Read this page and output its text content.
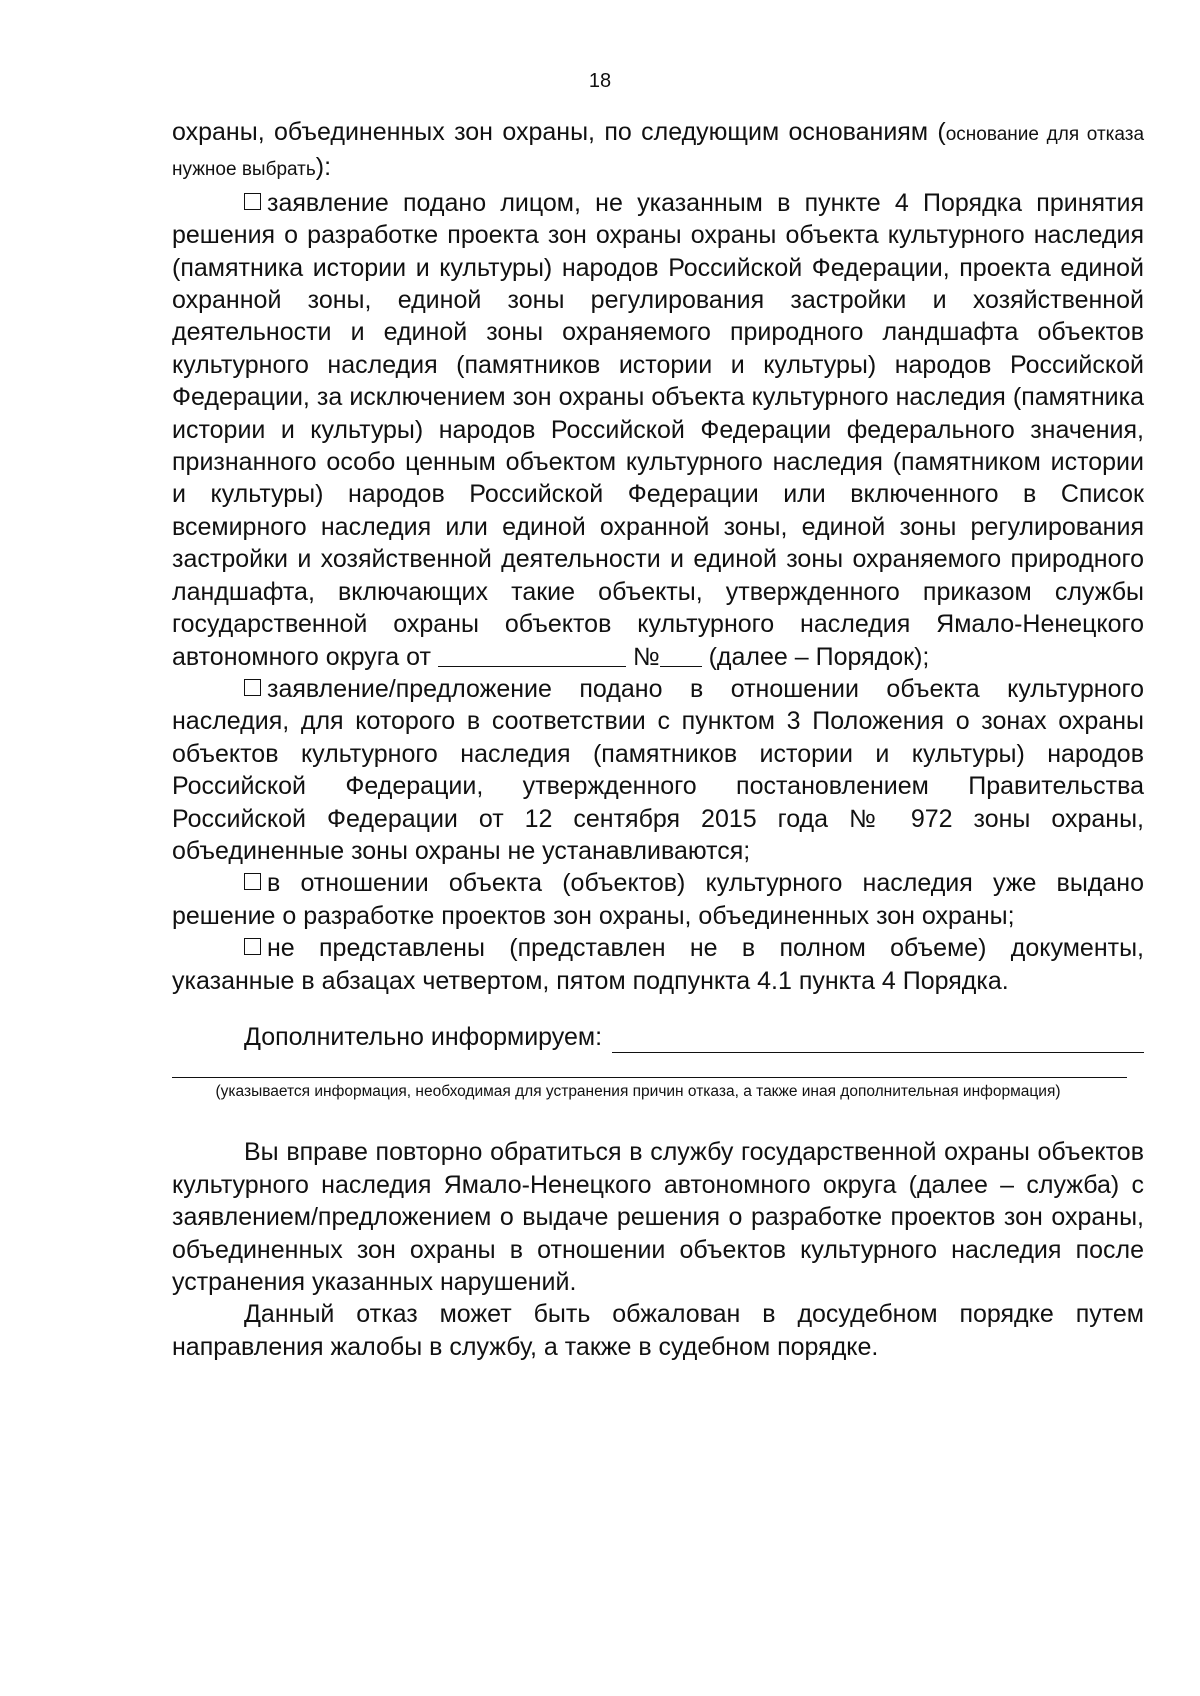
18

охраны, объединенных зон охраны, по следующим основаниям (основание для отказа нужное выбрать):

заявление подано лицом, не указанным в пункте 4 Порядка принятия решения о разработке проекта зон охраны охраны объекта культурного наследия (памятника истории и культуры) народов Российской Федерации, проекта единой охранной зоны, единой зоны регулирования застройки и хозяйственной деятельности и единой зоны охраняемого природного ландшафта объектов культурного наследия (памятников истории и культуры) народов Российской Федерации, за исключением зон охраны объекта культурного наследия (памятника истории и культуры) народов Российской Федерации федерального значения, признанного особо ценным объектом культурного наследия (памятником истории и культуры) народов Российской Федерации или включенного в Список всемирного наследия или единой охранной зоны, единой зоны регулирования застройки и хозяйственной деятельности и единой зоны охраняемого природного ландшафта, включающих такие объекты, утвержденного приказом службы государственной охраны объектов культурного наследия Ямало-Ненецкого автономного округа от	№ (далее – Порядок);

заявление/предложение подано в отношении объекта культурного наследия, для которого в соответствии с пунктом 3 Положения о зонах охраны объектов культурного наследия (памятников истории и культуры) народов Российской Федерации, утвержденного постановлением Правительства Российской Федерации от 12 сентября 2015 года № 972 зоны охраны, объединенные зоны охраны не устанавливаются;

в отношении объекта (объектов) культурного наследия уже выдано решение о разработке проектов зон охраны, объединенных зон охраны;

не представлены (представлен не в полном объеме) документы, указанные в абзацах четвертом, пятом подпункта 4.1 пункта 4 Порядка.

Дополнительно информируем:
(указывается информация, необходимая для устранения причин отказа, а также иная дополнительная информация)

Вы вправе повторно обратиться в службу государственной охраны объектов культурного наследия Ямало-Ненецкого автономного округа (далее – служба) с заявлением/предложением о выдаче решения о разработке проектов зон охраны, объединенных зон охраны в отношении объектов культурного наследия после устранения указанных нарушений.

Данный отказ может быть обжалован в досудебном порядке путем направления жалобы в службу, а также в судебном порядке.
